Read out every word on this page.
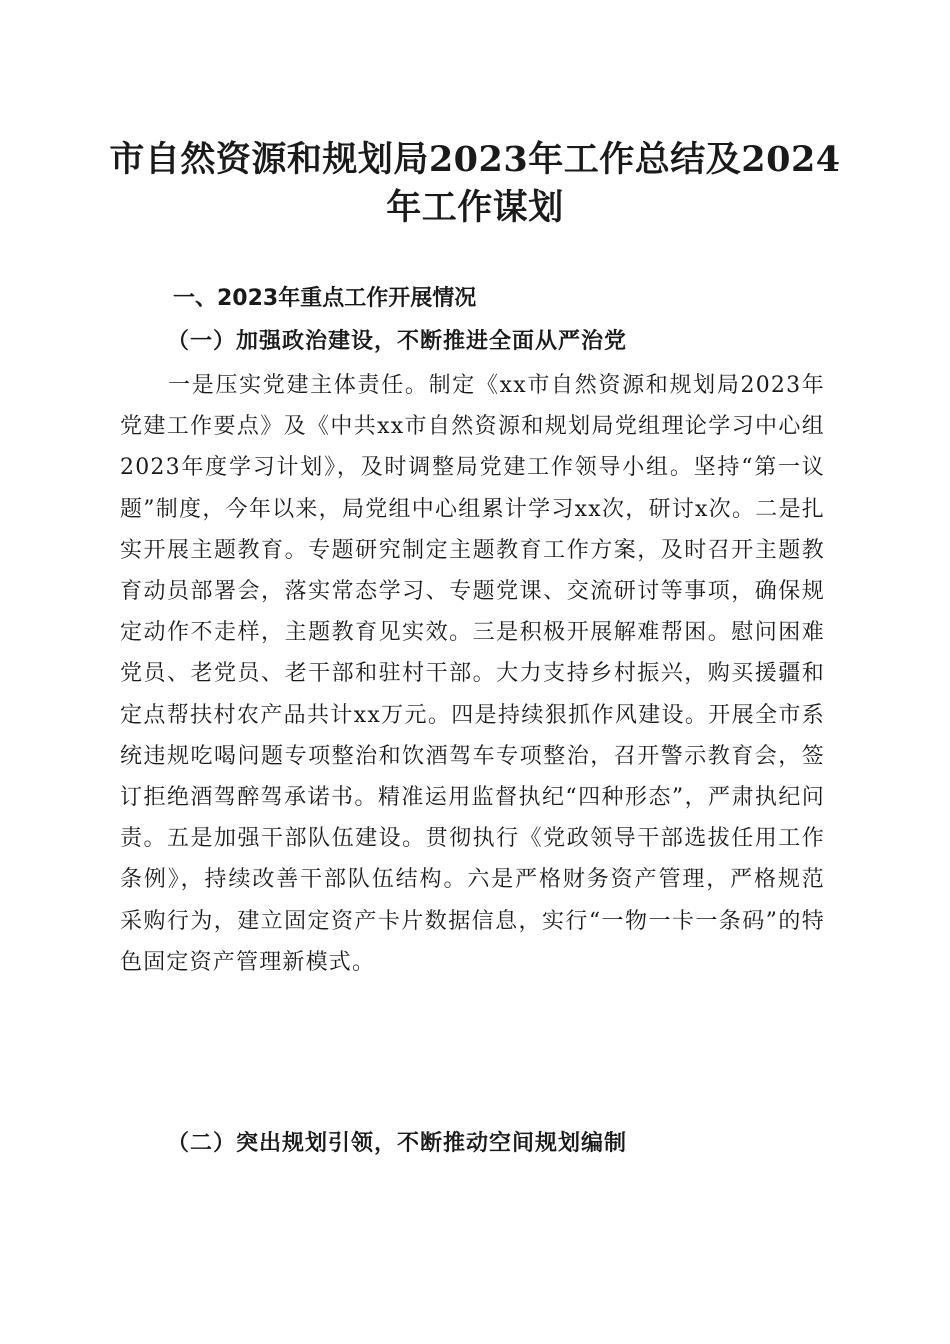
市自然资源和规划局2023年工作总结及2024年工作谋划
一、2023年重点工作开展情况
（一）加强政治建设，不断推进全面从严治党

一是压实党建主体责任。制定《xx市自然资源和规划局2023年党建工作要点》及《中共xx市自然资源和规划局党组理论学习中心组2023年度学习计划》，及时调整局党建工作领导小组。坚持“第一议题”制度，今年以来，局党组中心组累计学习xx次，研讨x次。二是扎实开展主题教育。专题研究制定主题教育工作方案，及时召开主题教育动员部署会，落实常态学习、专题党课、交流研讨等事项，确保规定动作不走样，主题教育见实效。三是积极开展解难帮困。慰问困难党员、老党员、老干部和驻村干部。大力支持乡村振兴，购买援疆和定点帮扶村农产品共计xx万元。四是持续狠抓作风建设。开展全市系统违规吃喝问题专项整治和饮酒驾车专项整治，召开警示教育会，签订拒绝酒驾醉驾承诺书。精准运用监督执纪“四种形态”，严肃执纪问责。五是加强干部队伍建设。贯彻执行《党政领导干部选拔任用工作条例》，持续改善干部队伍结构。六是严格财务资产管理，严格规范采购行为，建立固定资产卡片数据信息，实行“一物一卡一条码”的特色固定资产管理新模式。

（二）突出规划引领，不断推动空间规划编制
